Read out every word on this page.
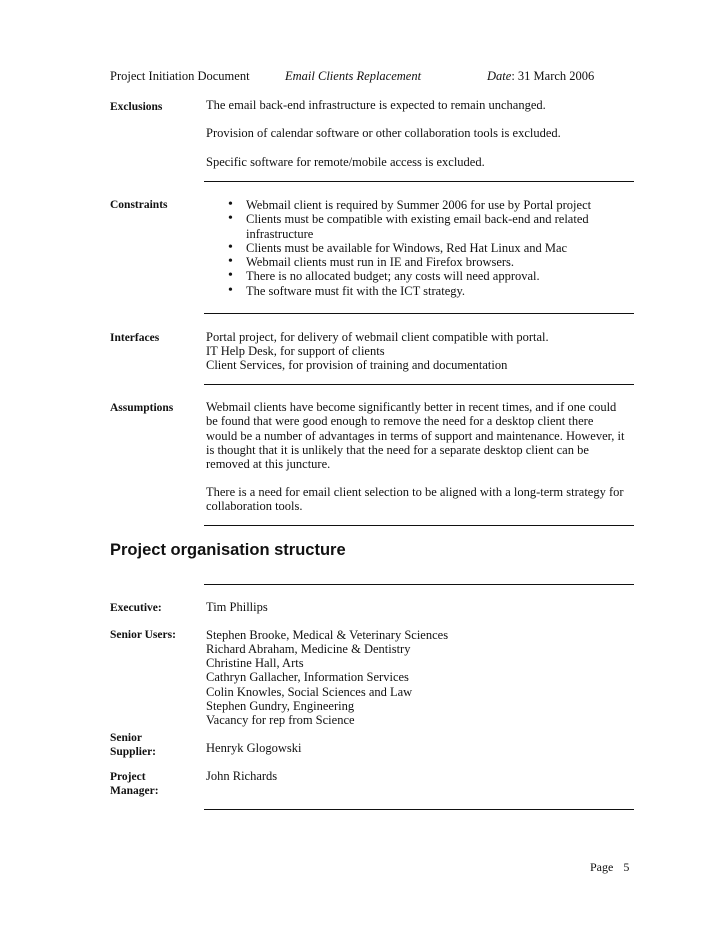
Project Initiation Document	Email Clients Replacement	Date: 31 March 2006
Exclusions	The email back-end infrastructure is expected to remain unchanged.
Provision of calendar software or other collaboration tools is excluded.
Specific software for remote/mobile access is excluded.
Constraints
•	Webmail client is required by Summer 2006 for use by Portal project
• Clients must be compatible with existing email back-end and related infrastructure
• Clients must be available for Windows, Red Hat Linux and Mac
• Webmail clients must run in IE and Firefox browsers.
• There is no allocated budget; any costs will need approval.
• The software must fit with the ICT strategy.
Interfaces	Portal project, for delivery of webmail client compatible with portal.
IT Help Desk, for support of clients
Client Services, for provision of training and documentation
Assumptions	Webmail clients have become significantly better in recent times, and if one could be found that were good enough to remove the need for a desktop client there would be a number of advantages in terms of support and maintenance. However, it is thought that it is unlikely that the need for a separate desktop client can be removed at this juncture.
There is a need for email client selection to be aligned with a long-term strategy for collaboration tools.
Project organisation structure
Executive:	Tim Phillips
Senior Users: Stephen Brooke, Medical & Veterinary Sciences
Richard Abraham, Medicine & Dentistry
Christine Hall, Arts
Cathryn Gallacher, Information Services
Colin Knowles, Social Sciences and Law
Stephen Gundry, Engineering
Vacancy for rep from Science
Senior
Supplier:	Henryk Glogowski
Project
Manager:
John Richards
Page 5
